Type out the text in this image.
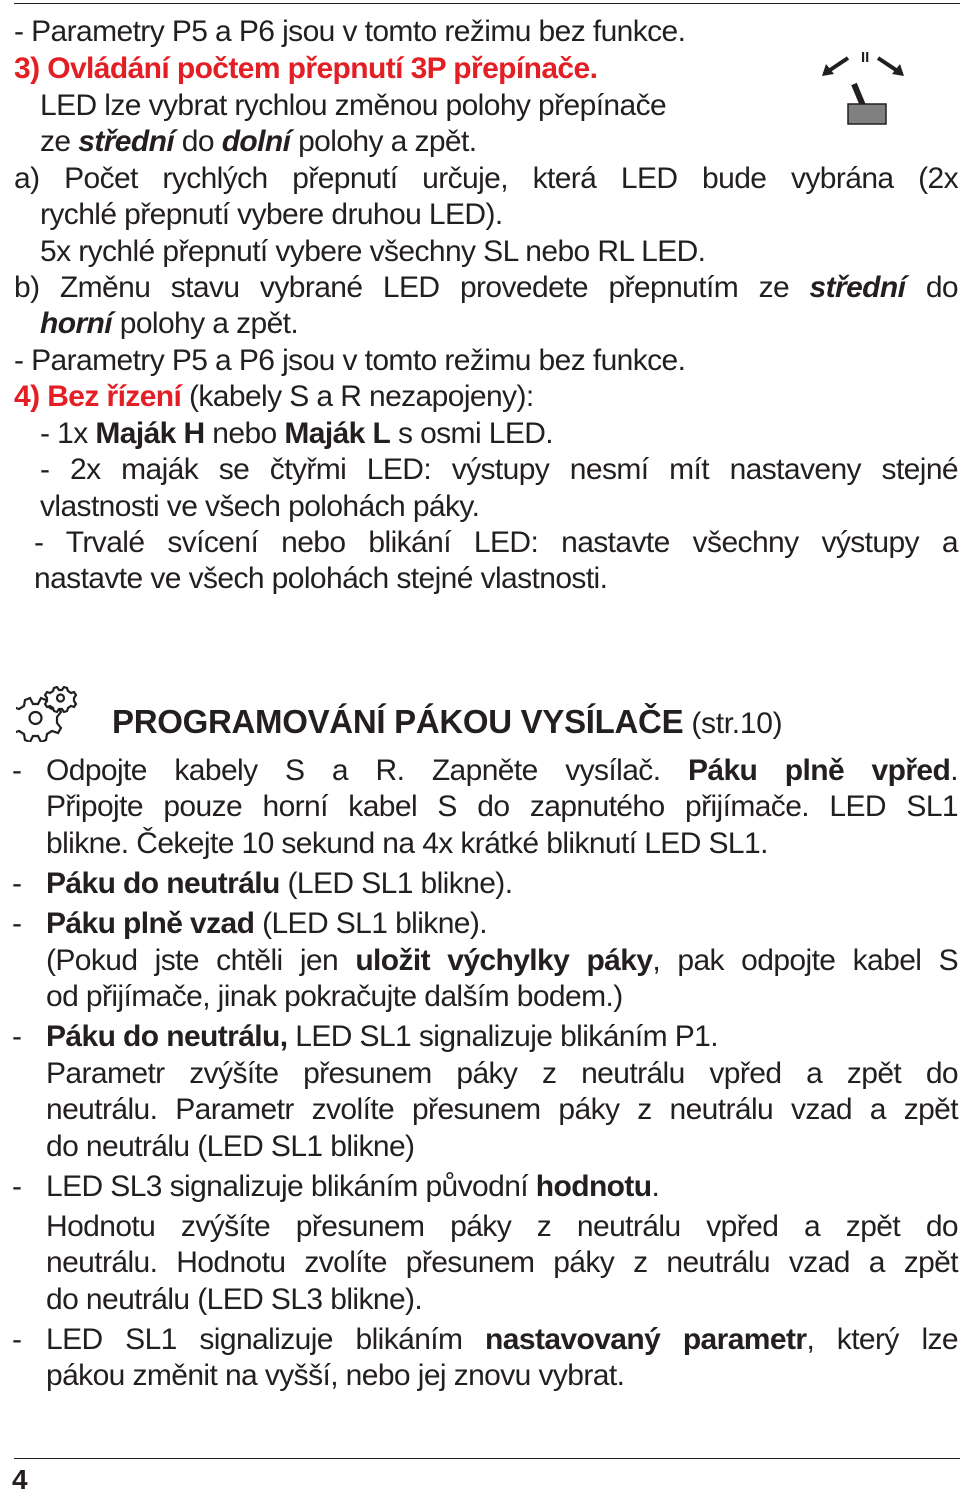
- Parametry P5 a P6 jsou v tomto režimu bez funkce.

3) Ovládání počtem přepnutí 3P přepínače.

LED lze vybrat rychlou změnou polohy přepínače

ze střední do dolní polohy a zpět.

a) Počet rychlých přepnutí určuje, která LED bude vybrána (2x

rychlé přepnutí vybere druhou LED).

5x rychlé přepnutí vybere všechny SL nebo RL LED.

b) Změnu stavu vybrané LED provedete přepnutím ze střední do

horní polohy a zpět.

- Parametry P5 a P6 jsou v tomto režimu bez funkce.

4) Bez řízení (kabely S a R nezapojeny):

- 1x Maják H nebo Maják L s osmi LED.

- 2x maják se čtyřmi LED: výstupy nesmí mít nastaveny stejné

vlastnosti ve všech polohách páky.

- Trvalé svícení nebo blikání LED: nastavte všechny výstupy a

nastavte ve všech polohách stejné vlastnosti.

II
PROGRAMOVÁNÍ PÁKOU VYSÍLAČE (str.10)
- Odpojte kabely S a R. Zapněte vysílač. Páku plně vpřed.

Připojte pouze horní kabel S do zapnutého přijímače. LED SL1

blikne. Čekejte 10 sekund na 4x krátké bliknutí LED SL1.

- Páku do neutrálu (LED SL1 blikne).

- Páku plně vzad (LED SL1 blikne).

(Pokud jste chtěli jen uložit výchylky páky, pak odpojte kabel S

od přijímače, jinak pokračujte dalším bodem.)

- Páku do neutrálu, LED SL1 signalizuje blikáním P1.

Parametr zvýšíte přesunem páky z neutrálu vpřed a zpět do

neutrálu. Parametr zvolíte přesunem páky z neutrálu vzad a zpět

do neutrálu (LED SL1 blikne)

- LED SL3 signalizuje blikáním původní hodnotu.

Hodnotu zvýšíte přesunem páky z neutrálu vpřed a zpět do

neutrálu. Hodnotu zvolíte přesunem páky z neutrálu vzad a zpět

do neutrálu (LED SL3 blikne).

- LED SL1 signalizuje blikáním nastavovaný parametr, který lze

pákou změnit na vyšší, nebo jej znovu vybrat.

4
